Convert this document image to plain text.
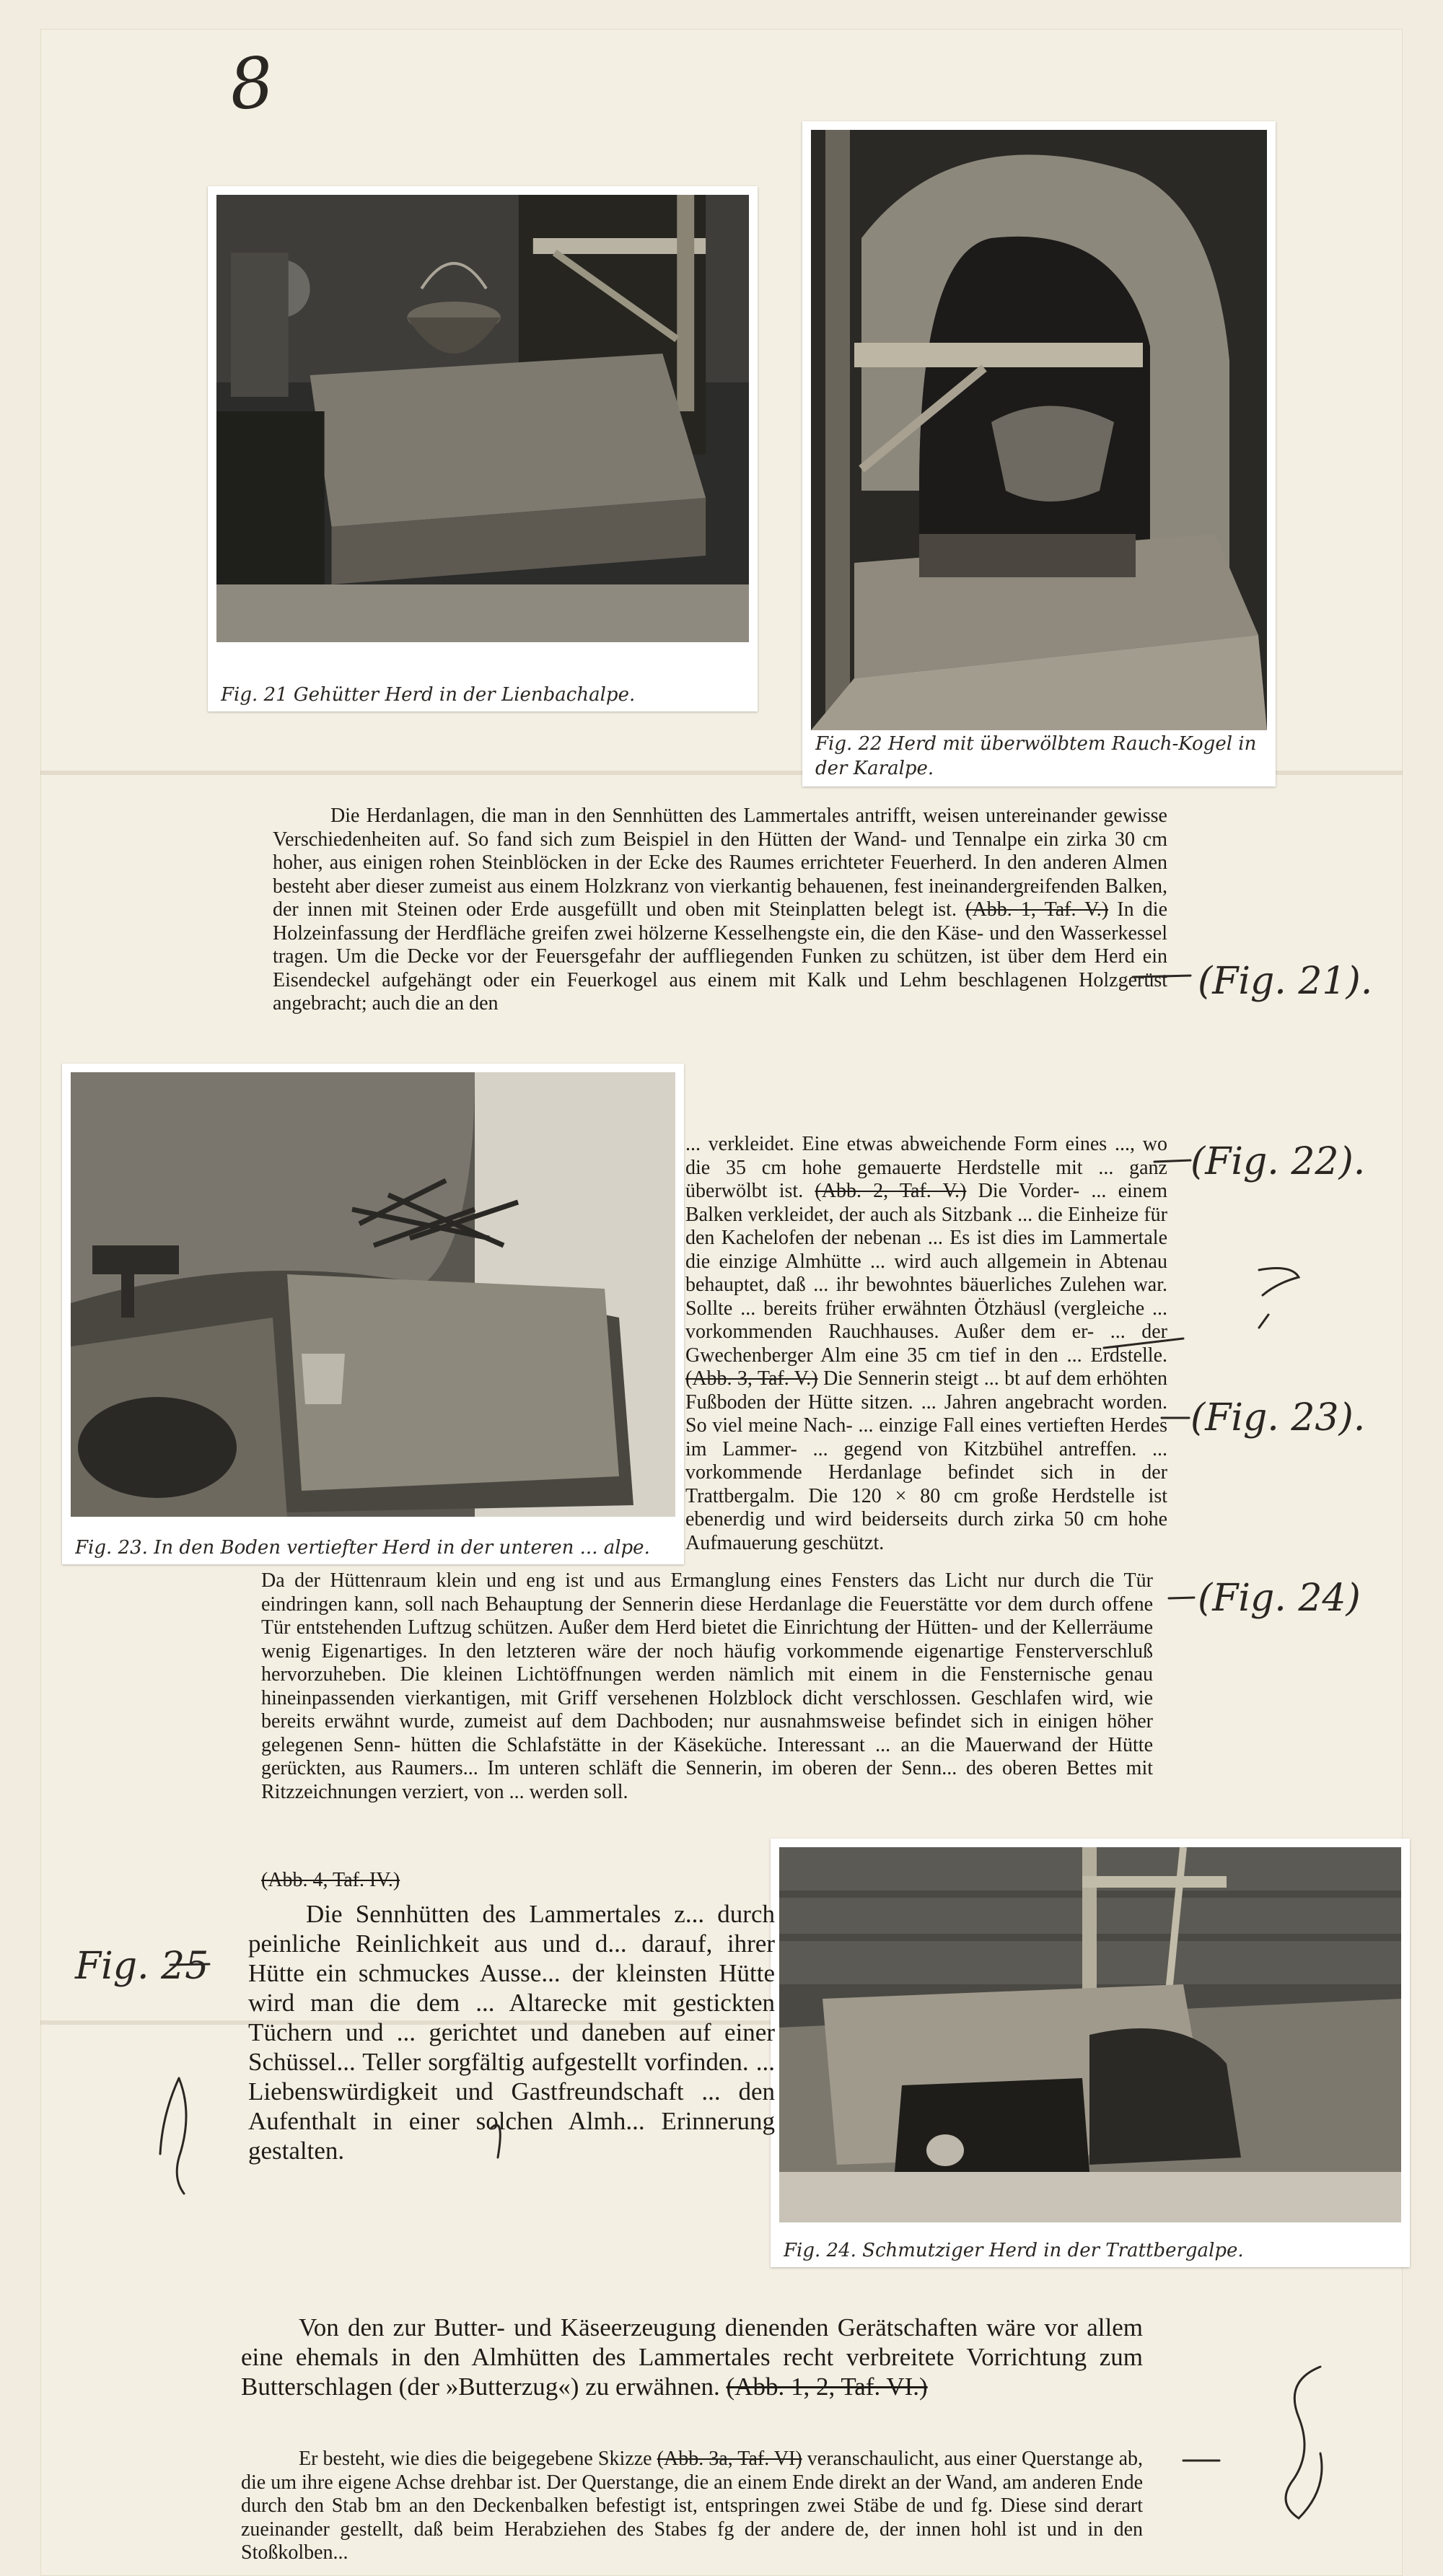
8
Fig. 21 Gehütter Herd in der Lienbachalpe.
Fig. 22 Herd mit überwölbtem Rauch-Kogel in der Karalpe.

Die Herdanlagen, die man in den Sennhütten des Lammertales antrifft, weisen untereinander gewisse Verschiedenheiten auf. So fand sich zum Beispiel in den Hütten der Wand- und Tennalpe ein zirka 30 cm hoher, aus einigen rohen Steinblöcken in der Ecke des Raumes errichteter Feuerherd. In den anderen Almen besteht aber dieser zumeist aus einem Holzkranz von vierkantig behauenen, fest ineinandergreifenden Balken, der innen mit Steinen oder Erde ausgefüllt und oben mit Steinplatten belegt ist. (Abb. 1, Taf. V.) In die Holzeinfassung der Herdfläche greifen zwei hölzerne Kesselhengste ein, die den Käse- und den Wasserkessel tragen. Um die Decke vor der Feuersgefahr der auffliegenden Funken zu schützen, ist über dem Herd ein Eisendeckel aufgehängt oder ein Feuerkogel aus einem mit Kalk und Lehm beschlagenen Holzgerüst angebracht; auch die an den

... verkleidet. Eine etwas abweichende Form eines ..., wo die 35 cm hohe gemauerte Herdstelle mit ... ganz überwölbt ist. (Abb. 2, Taf. V.) Die Vorder- ... einem Balken verkleidet, der auch als Sitzbank ... die Einheize für den Kachelofen der nebenan ... Es ist dies im Lammertale die einzige Almhütte ... wird auch allgemein in Abtenau behauptet, daß ... ihr bewohntes bäuerliches Zulehen war. Sollte ... bereits früher erwähnten Ötzhäusl (vergleiche ... vorkommenden Rauchhauses. Außer dem er- ... der Gwechenberger Alm eine 35 cm tief in den ... Erdstelle. (Abb. 3, Taf. V.) Die Sennerin steigt ... bt auf dem erhöhten Fußboden der Hütte sitzen. ... Jahren angebracht worden. So viel meine Nach- ... einzige Fall eines vertieften Herdes im Lammer- ... gegend von Kitzbühel antreffen. ... vorkommende Herdanlage befindet sich in der Trattbergalm. Die 120 × 80 cm große Herdstelle ist ebenerdig und wird beiderseits durch zirka 50 cm hohe Aufmauerung geschützt.

Fig. 23. In den Boden vertiefter Herd in der unteren ... alpe.

Da der Hüttenraum klein und eng ist und aus Ermanglung eines Fensters das Licht nur durch die Tür eindringen kann, soll nach Behauptung der Sennerin diese Herdanlage die Feuerstätte vor dem durch offene Tür entstehenden Luftzug schützen. Außer dem Herd bietet die Einrichtung der Hütten- und der Kellerräume wenig Eigenartiges. In den letzteren wäre der noch häufig vorkommende eigenartige Fensterverschluß hervorzuheben. Die kleinen Lichtöffnungen werden nämlich mit einem in die Fensternische genau hineinpassenden vierkantigen, mit Griff versehenen Holzblock dicht verschlossen. Geschlafen wird, wie bereits erwähnt wurde, zumeist auf dem Dachboden; nur ausnahmsweise befindet sich in einigen höher gelegenen Senn- hütten die Schlafstätte in der Käseküche. Interessant ... an die Mauerwand der Hütte gerückten, aus Raumers... Im unteren schläft die Sennerin, im oberen der Senn... des oberen Bettes mit Ritzzeichnungen verziert, von ... werden soll.

Fig. 24. Schmutziger Herd in der Trattbergalpe.

(Abb. 4, Taf. IV.)

Die Sennhütten des Lammertales z... durch peinliche Reinlichkeit aus und d... darauf, ihrer Hütte ein schmuckes Ausse... der kleinsten Hütte wird man die dem ... Altarecke mit gestickten Tüchern und ... gerichtet und daneben auf einer Schüssel... Teller sorgfältig aufgestellt vorfinden. ... Liebenswürdigkeit und Gastfreundschaft ... den Aufenthalt in einer solchen Almh... Erinnerung gestalten.

Von den zur Butter- und Käseerzeugung dienenden Gerätschaften wäre vor allem eine ehemals in den Almhütten des Lammertales recht verbreitete Vorrichtung zum Butterschlagen (der »Butterzug«) zu erwähnen. (Abb. 1, 2, Taf. VI.)

Er besteht, wie dies die beigegebene Skizze (Abb. 3a, Taf. VI) veranschaulicht, aus einer Querstange ab, die um ihre eigene Achse drehbar ist. Der Querstange, die an einem Ende direkt an der Wand, am anderen Ende durch den Stab bm an den Deckenbalken befestigt ist, entspringen zwei Stäbe de und fg. Diese sind derart zueinander gestellt, daß beim Herabziehen des Stabes fg der andere de, der innen hohl ist und in den Stoßkolben...

(Fig. 21).
(Fig. 22).
(Fig. 23).
(Fig. 24)
Fig. 25
